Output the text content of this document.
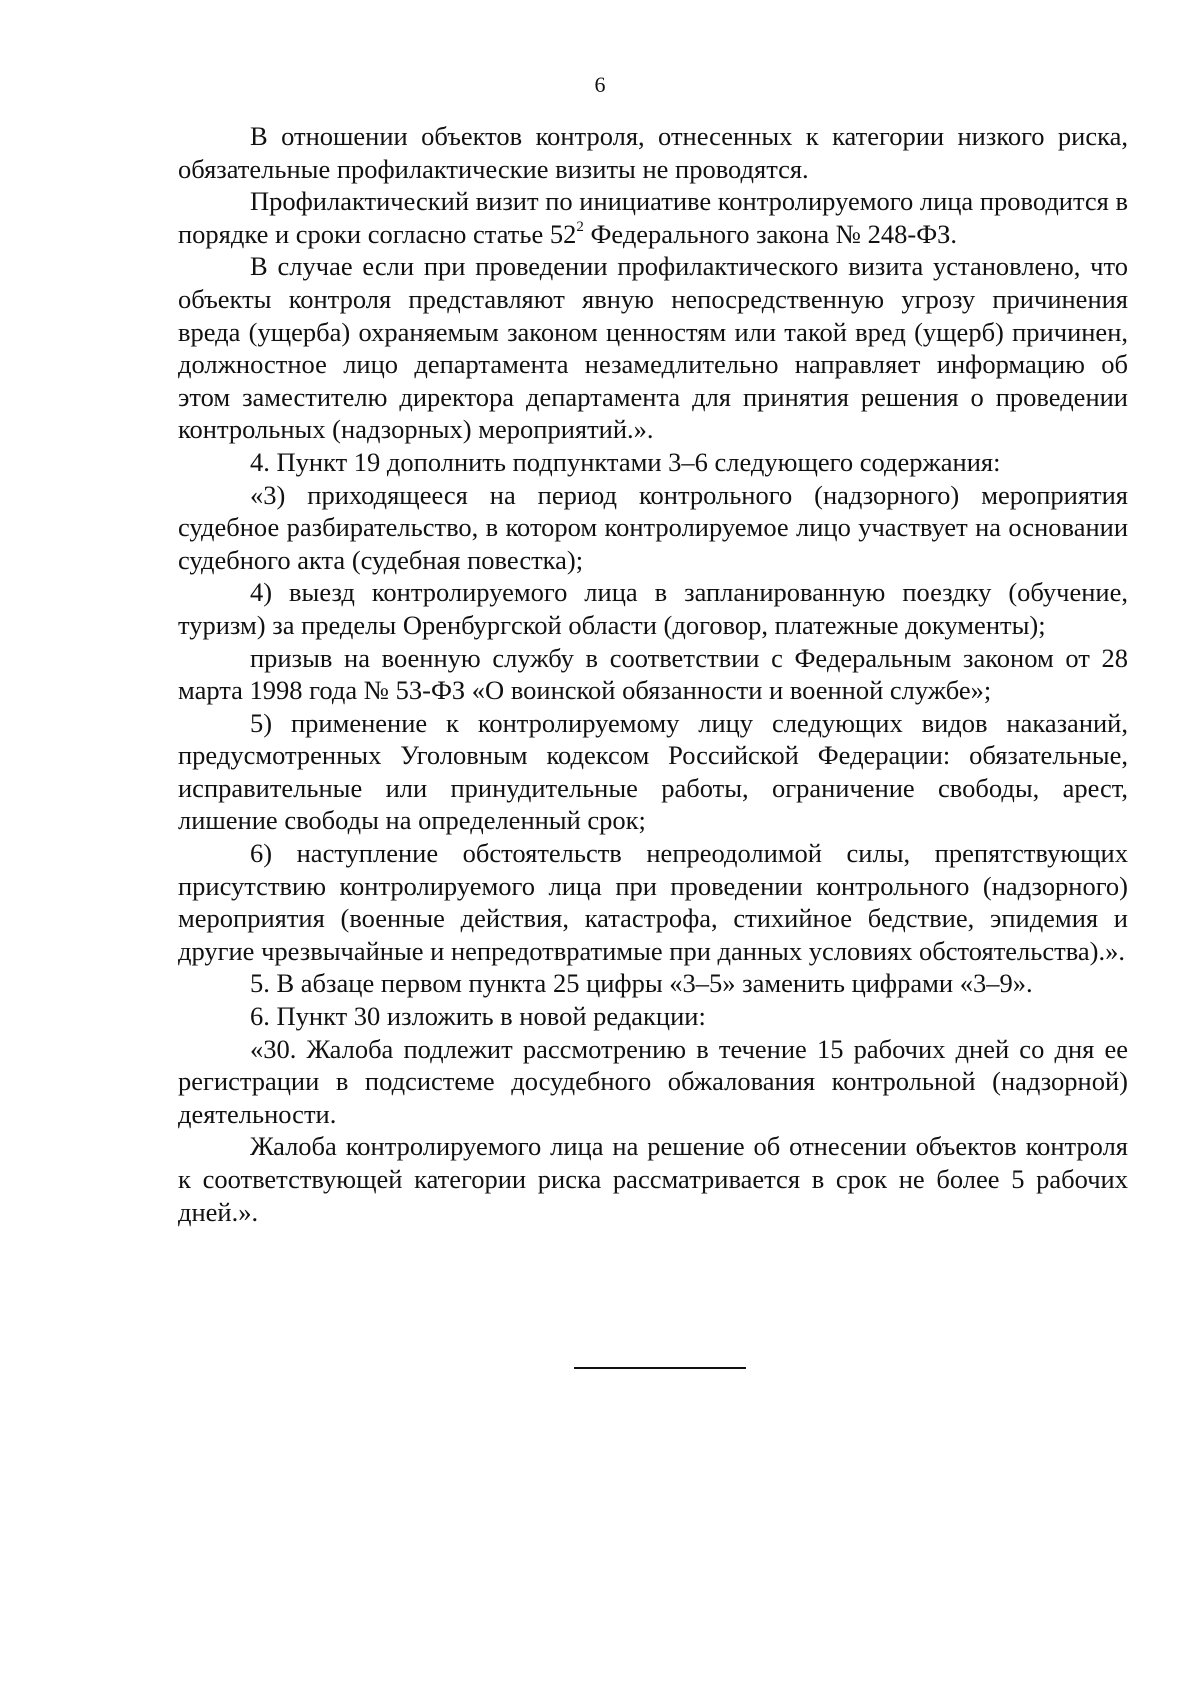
6

В отношении объектов контроля, отнесенных к категории низкого риска, обязательные профилактические визиты не проводятся.

Профилактический визит по инициативе контролируемого лица проводится в порядке и сроки согласно статье $52^2$ Федерального закона № 248-ФЗ.

В случае если при проведении профилактического визита установлено, что объекты контроля представляют явную непосредственную угрозу причинения вреда (ущерба) охраняемым законом ценностям или такой вред (ущерб) причинен, должностное лицо департамента незамедлительно направляет информацию об этом заместителю директора департамента для принятия решения о проведении контрольных (надзорных) мероприятий.».

4. Пункт 19 дополнить подпунктами 3–6 следующего содержания:

«3) приходящееся на период контрольного (надзорного) мероприятия судебное разбирательство, в котором контролируемое лицо участвует на основании судебного акта (судебная повестка);

4) выезд контролируемого лица в запланированную поездку (обучение, туризм) за пределы Оренбургской области (договор, платежные документы);

призыв на военную службу в соответствии с Федеральным законом от 28 марта 1998 года № 53-ФЗ «О воинской обязанности и военной службе»;

5) применение к контролируемому лицу следующих видов наказаний, предусмотренных Уголовным кодексом Российской Федерации: обязательные, исправительные или принудительные работы, ограничение свободы, арест, лишение свободы на определенный срок;

6) наступление обстоятельств непреодолимой силы, препятствующих присутствию контролируемого лица при проведении контрольного (надзорного) мероприятия (военные действия, катастрофа, стихийное бедствие, эпидемия и другие чрезвычайные и непредотвратимые при данных условиях обстоятельства).».

5. В абзаце первом пункта 25 цифры «3–5» заменить цифрами «3–9».

6. Пункт 30 изложить в новой редакции:

«30. Жалоба подлежит рассмотрению в течение 15 рабочих дней со дня ее регистрации в подсистеме досудебного обжалования контрольной (надзорной) деятельности.

Жалоба контролируемого лица на решение об отнесении объектов контроля к соответствующей категории риска рассматривается в срок не более 5 рабочих дней.».
